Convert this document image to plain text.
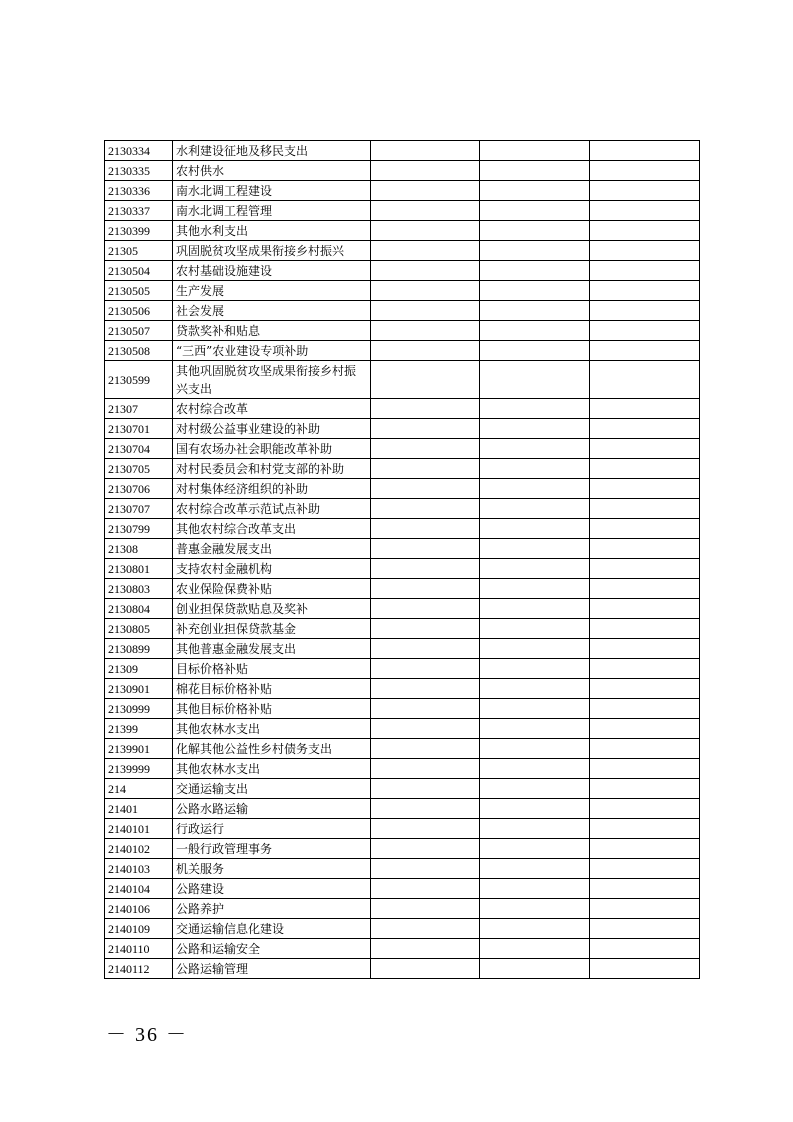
2130334	水利建设征地及移民支出			
2130335	农村供水			
2130336	南水北调工程建设			
2130337	南水北调工程管理			
2130399	其他水利支出			
21305	巩固脱贫攻坚成果衔接乡村振兴			
2130504	农村基础设施建设			
2130505	生产发展			
2130506	社会发展			
2130507	贷款奖补和贴息			
2130508	“三西”农业建设专项补助			
2130599	其他巩固脱贫攻坚成果衔接乡村振兴支出			
21307	农村综合改革			
2130701	对村级公益事业建设的补助			
2130704	国有农场办社会职能改革补助			
2130705	对村民委员会和村党支部的补助			
2130706	对村集体经济组织的补助			
2130707	农村综合改革示范试点补助			
2130799	其他农村综合改革支出			
21308	普惠金融发展支出			
2130801	支持农村金融机构			
2130803	农业保险保费补贴			
2130804	创业担保贷款贴息及奖补			
2130805	补充创业担保贷款基金			
2130899	其他普惠金融发展支出			
21309	目标价格补贴			
2130901	棉花目标价格补贴			
2130999	其他目标价格补贴			
21399	其他农林水支出			
2139901	化解其他公益性乡村债务支出			
2139999	其他农林水支出			
214	交通运输支出			
21401	公路水路运输			
2140101	行政运行			
2140102	一般行政管理事务			
2140103	机关服务			
2140104	公路建设			
2140106	公路养护			
2140109	交通运输信息化建设			
2140110	公路和运输安全			
2140112	公路运输管理			
－ 36 －
